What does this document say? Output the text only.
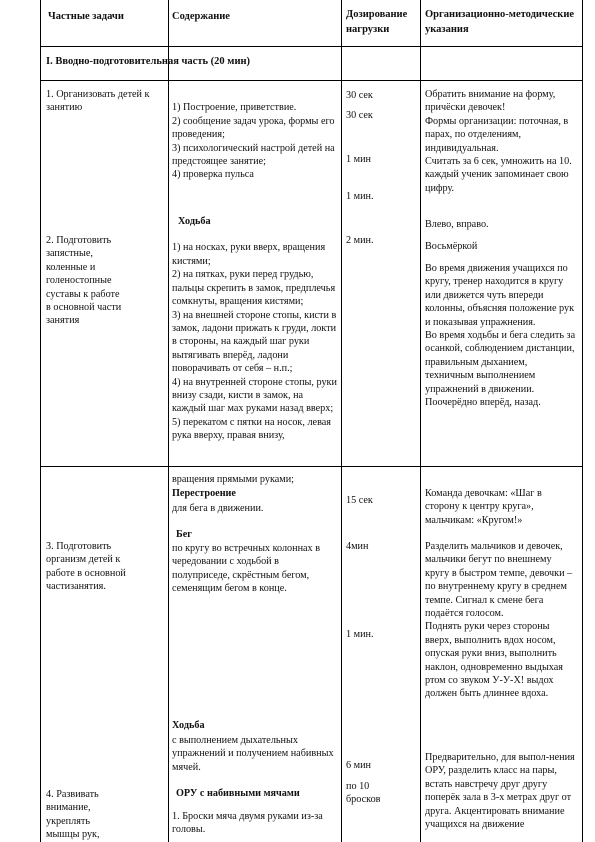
Частные задачи	Содержание	Дозирование нагрузки
Организационно-методические указания
I. Вводно-подготовительная часть (20 мин)
1. Организовать детей к занятию
2. Подготовить запястные, коленные и голеностопные суставы к работе в основной части занятия

1) Построение, приветствие.
2) сообщение задач урока, формы его проведения;
3) психологический настрой детей на предстоящее занятие;
4) проверка пульса

Ходьба

1) на носках, руки вверх, вращения кистями;
2) на пятках, руки перед грудью, пальцы скрепить в замок, предплечья сомкнуты, вращения кистями;
3) на внешней стороне стопы, кисти в замок, ладони прижать к груди, локти в стороны, на каждый шаг руки вытягивать вперёд, ладони поворачивать от себя – н.п.;
4) на внутренней стороне стопы, руки внизу сзади, кисти в замок, на каждый шаг мах руками назад вверх;
5) перекатом с пятки на носок, левая рука вверху, правая внизу,

30 сек
30 сек
1 мин
1 мин.
2 мин.
Обратить внимание на форму, причёски девочек!
Формы организации: поточная, в парах, по отделениям, индивидуальная.
Считать за 6 сек, умножить на 10. каждый ученик запоминает свою цифру.
Влево, вправо.
Восьмёркой
Во время движения учащихся по кругу, тренер находится в кругу или движется чуть впереди колонны, объясняя положение рук и показывая упражнения.
Во время ходьбы и бега следить за осанкой, соблюдением дистанции, правильным дыханием, техничным выполнением упражнений в движении.
Поочерёдно вперёд, назад.
3. Подготовить организм детей к работе в основной частизанятия.
4. Развивать внимание, укреплять мышцы рук,
вращения прямыми руками;
Перестроение
для бега в движении.
Бег
по кругу во встречных колоннах в чередовании с ходьбой в полуприседе, скрёстным бегом, семенящим бегом в конце.
Ходьба
с выполнением дыхательных упражнений и получением набивных мячей.
ОРУ с набивными мячами
1. Броски мяча двумя руками из-за головы.
15 сек
4мин
1 мин.
6 мин
по 10 бросков
Команда девочкам: «Шаг в сторону к центру круга», мальчикам: «Кругом!»
Разделить мальчиков и девочек, мальчики бегут по внешнему кругу в быстром темпе, девочки – по внутреннему кругу в среднем темпе. Сигнал к смене бега подаётся голосом.
Поднять руки через стороны вверх, выполнить вдох носом, опуская руки вниз, выполнить наклон, одновременно выдыхая ртом со звуком У-У-Х! выдох должен быть длиннее вдоха.
Предварительно, для выпол-нения ОРУ, разделить класс на пары, встать навстречу друг другу поперёк зала в 3-х метрах друг от друга. Акцентировать внимание учащихся на движение
